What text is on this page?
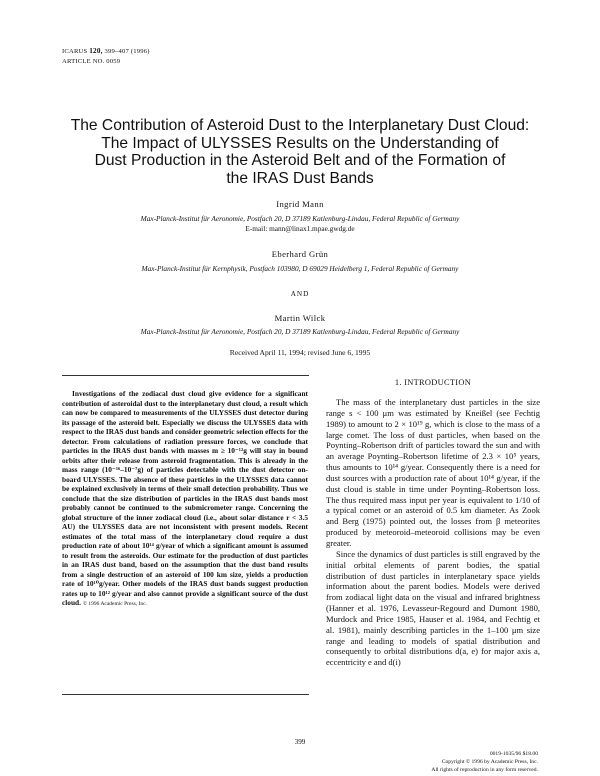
ICARUS 120, 399–407 (1996)
ARTICLE NO. 0059
The Contribution of Asteroid Dust to the Interplanetary Dust Cloud:
The Impact of ULYSSES Results on the Understanding of
Dust Production in the Asteroid Belt and of the Formation of
the IRAS Dust Bands
Ingrid Mann
Max-Planck-Institut für Aeronomie, Postfach 20, D 37189 Katlenburg-Lindau, Federal Republic of Germany
E-mail: mann@linax1.mpae.gwdg.de
Eberhard Grün
Max-Planck-Institut für Kernphysik, Postfach 103980, D 69029 Heidelberg 1, Federal Republic of Germany
AND
Martin Wilck
Received April 11, 1994; revised June 6, 1995
Investigations of the zodiacal dust cloud give evidence for a significant contribution of asteroidal dust to the interplanetary dust cloud, a result which can now be compared to measurements of the ULYSSES dust detector during its passage of the asteroid belt. Especially we discuss the ULYSSES data with respect to the IRAS dust bands and consider geometric selection effects for the detector. From calculations of radiation pressure forces, we conclude that particles in the IRAS dust bands with masses m ≥ 10⁻¹²g will stay in bound orbits after their release from asteroid fragmentation. This is already in the mass range (10⁻¹⁶–10⁻⁷g) of particles detectable with the dust detector on-board ULYSSES. The absence of these particles in the ULYSSES data cannot be explained exclusively in terms of their small detection probability. Thus we conclude that the size distribution of particles in the IRAS dust bands most probably cannot be continued to the submicrometer range. Concerning the global structure of the inner zodiacal cloud (i.e., about solar distance r < 3.5 AU) the ULYSSES data are not inconsistent with present models. Recent estimates of the total mass of the interplanetary cloud require a dust production rate of about 10¹⁴ g/year of which a significant amount is assumed to result from the asteroids. Our estimate for the production of dust particles in an IRAS dust band, based on the assumption that the dust band results from a single destruction of an asteroid of 100 km size, yields a production rate of 10¹⁰g/year. Other models of the IRAS dust bands suggest production rates up to 10¹² g/year and also cannot provide a significant source of the dust cloud. © 1996 Academic Press, Inc.
1. INTRODUCTION

The mass of the interplanetary dust particles in the size range s < 100 μm was estimated by Kneißel (see Fechtig 1989) to amount to 2 × 10¹⁹ g, which is close to the mass of a large comet. The loss of dust particles, when based on the Poynting–Robertson drift of particles toward the sun and with an average Poynting–Robertson lifetime of 2.3 × 10⁵ years, thus amounts to 10¹⁴ g/year. Consequently there is a need for dust sources with a production rate of about 10¹⁴ g/year, if the dust cloud is stable in time under Poynting–Robertson loss. The thus required mass input per year is equivalent to 1/10 of a typical comet or an asteroid of 0.5 km diameter. As Zook and Berg (1975) pointed out, the losses from β meteorites produced by meteoroid–meteoroid collisions may be even greater.

Since the dynamics of dust particles is still engraved by the initial orbital elements of parent bodies, the spatial distribution of dust particles in interplanetary space yields information about the parent bodies. Models were derived from zodiacal light data on the visual and infrared brightness (Hanner et al. 1976, Levasseur-Regourd and Dumont 1980, Murdock and Price 1985, Hauser et al. 1984, and Fechtig et al. 1981), mainly describing particles in the 1–100 μm size range and leading to models of spatial distribution and consequently to orbital distributions d(a, e) for major axis a, eccentricity e and d(i)

399
0019-1035/96 $18.00
Copyright © 1996 by Academic Press, Inc.
All rights of reproduction in any form reserved.
Max-Planck-Institut für Aeronomie, Postfach 20, D 37189 Katlenburg-Lindau, Federal Republic of Germany
